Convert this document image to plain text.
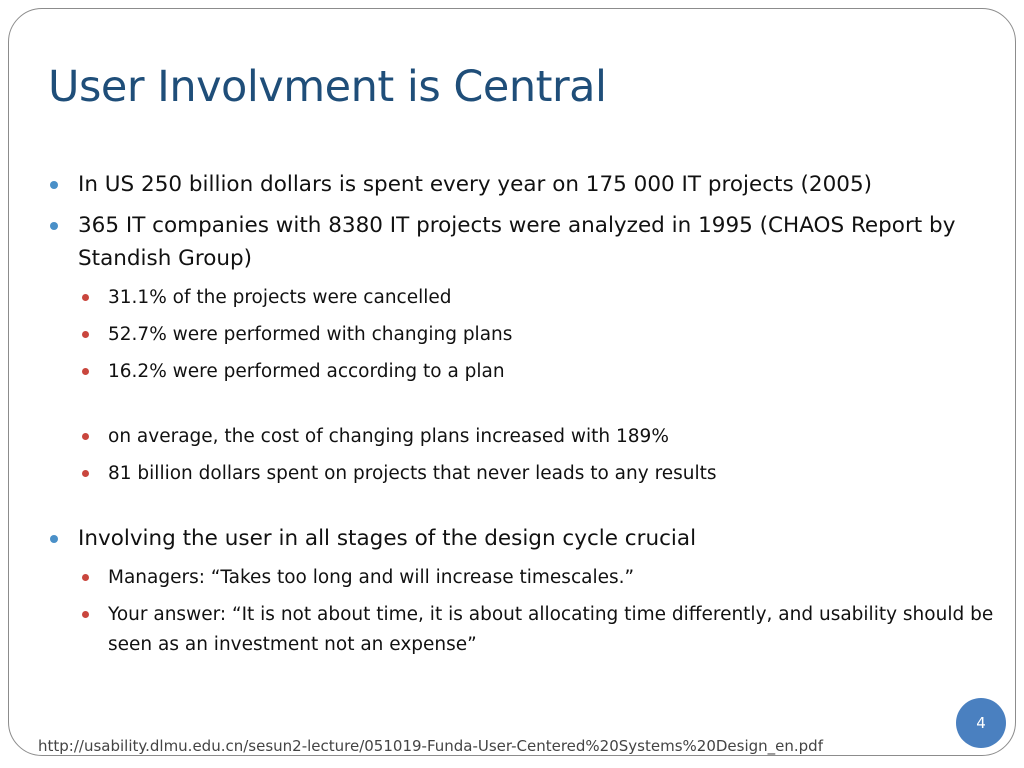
User Involvment is Central
In US 250 billion dollars is spent every year on 175 000 IT projects (2005)
365 IT companies with 8380 IT projects were analyzed in 1995 (CHAOS Report by Standish Group)
31.1% of the projects were cancelled
52.7% were performed with changing plans
16.2% were performed according to a plan
on average, the cost of changing plans increased with 189%
81 billion dollars spent on projects that never leads to any results
Involving the user in all stages of the design cycle crucial
Managers: “Takes too long and will increase timescales.”
Your answer: “It is not about time, it is about allocating time differently, and usability should be seen as an investment not an expense”
4
http://usability.dlmu.edu.cn/sesun2-lecture/051019-Funda-User-Centered%20Systems%20Design_en.pdf
